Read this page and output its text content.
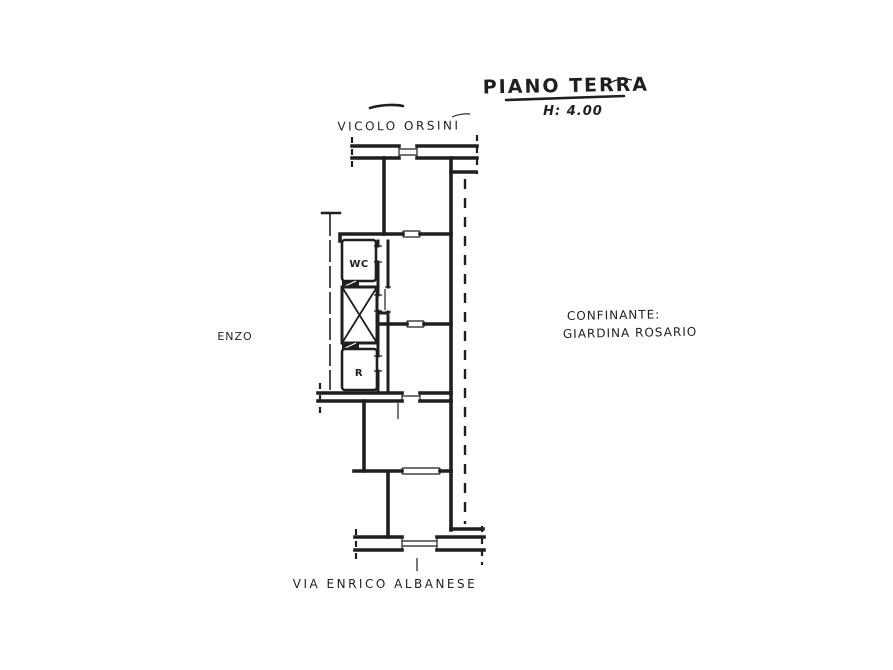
PIANO TERRA
H: 4.00
VICOLO ORSINI
ENZO
CONFINANTE:
GIARDINA ROSARIO
VIA ENRICO ALBANESE
WC
R
